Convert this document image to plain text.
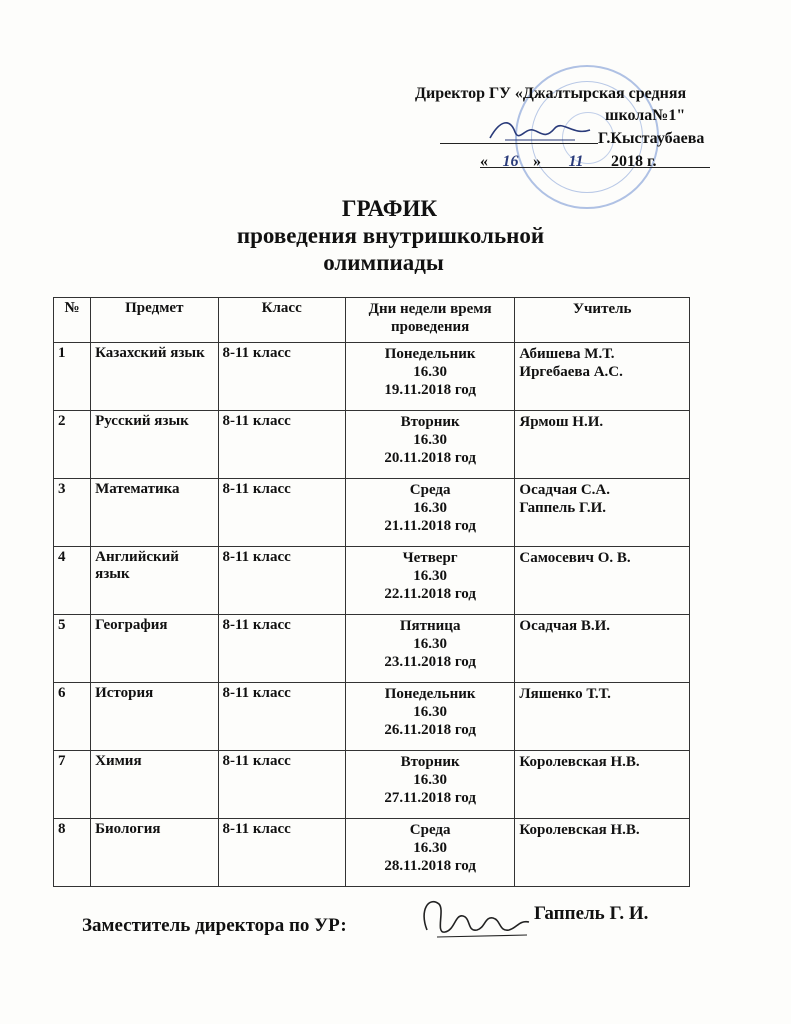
Директор ГУ «Джалтырская средняя
школа№1"
Г.Кыстаубаева
« 16 » 11 2018 г.
ГРАФИК
проведения внутришкольной
олимпиады
№	Предмет	Класс	Дни недели время проведения	Учитель
1	Казахский язык	8-11 класс	Понедельник
16.30
19.11.2018 год	Абишева М.Т.
Иргебаева А.С.

2	Русский язык	8-11 класс	Вторник
16.30
20.11.2018 год	Ярмош Н.И.

3	Математика	8-11 класс	Среда
16.30
21.11.2018 год	Осадчая С.А.
Гаппель Г.И.

4	Английский язык	8-11 класс	Четверг
16.30
22.11.2018 год	Самосевич О. В.

5	География	8-11 класс	Пятница
16.30
23.11.2018 год	Осадчая В.И.

6	История	8-11 класс	Понедельник
16.30
26.11.2018 год	Ляшенко Т.Т.

7	Химия	8-11 класс	Вторник
16.30
27.11.2018 год	Королевская Н.В.

8	Биология	8-11 класс	Среда
16.30
28.11.2018 год	Королевская Н.В.
Заместитель директора по УР:
Гаппель Г. И.
